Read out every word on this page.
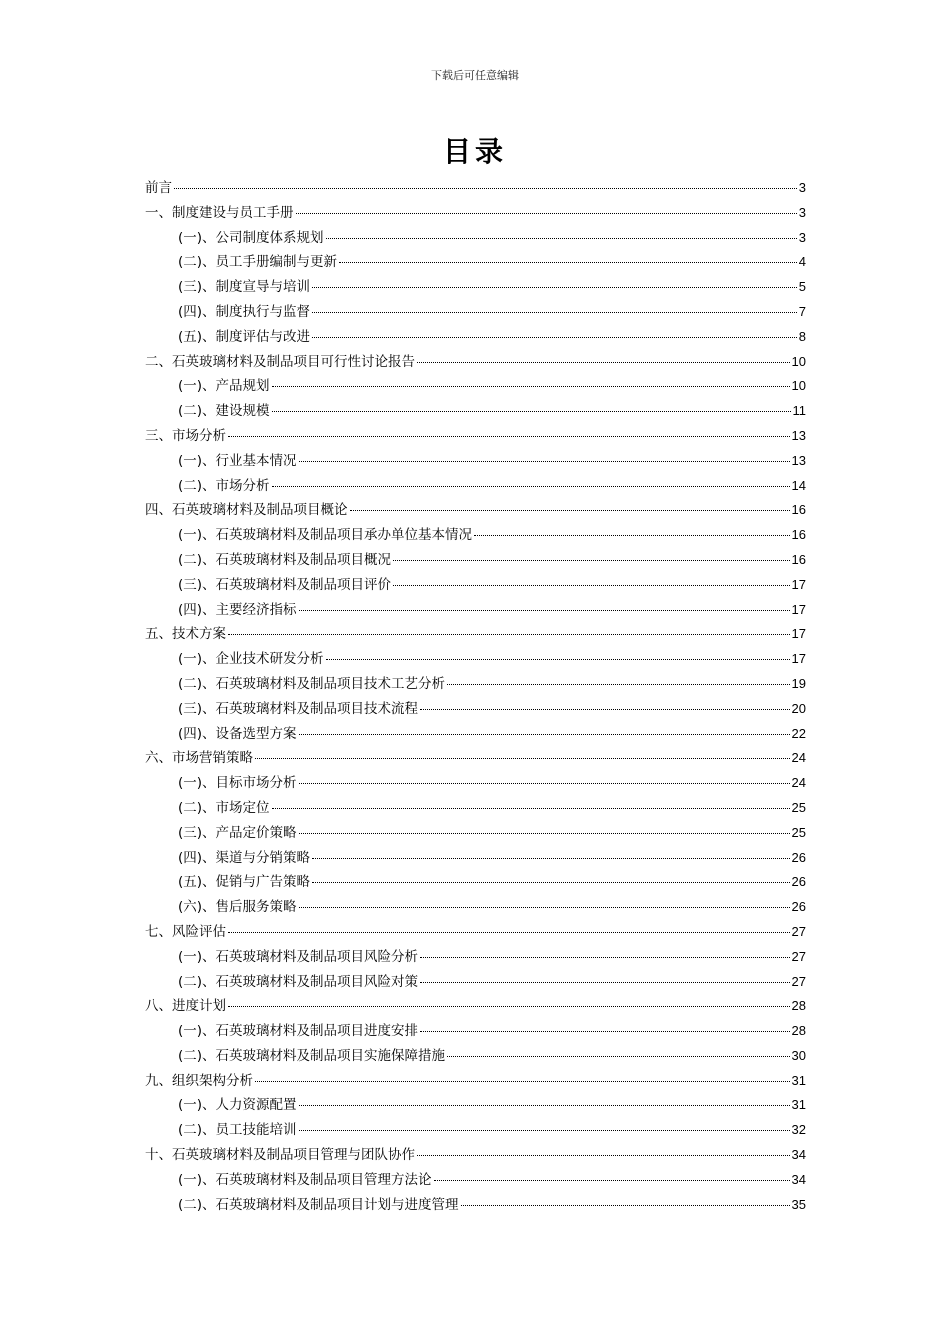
下载后可任意编辑
目录
前言	3
一、制度建设与员工手册	3
(一)、公司制度体系规划	3
(二)、员工手册编制与更新	4
(三)、制度宣导与培训	5
(四)、制度执行与监督	7
(五)、制度评估与改进	8
二、石英玻璃材料及制品项目可行性讨论报告	10
(一)、产品规划	10
(二)、建设规模	11
三、市场分析	13
(一)、行业基本情况	13
(二)、市场分析	14
四、石英玻璃材料及制品项目概论	16
(一)、石英玻璃材料及制品项目承办单位基本情况	16
(二)、石英玻璃材料及制品项目概况	16
(三)、石英玻璃材料及制品项目评价	17
(四)、主要经济指标	17
五、技术方案	17
(一)、企业技术研发分析	17
(二)、石英玻璃材料及制品项目技术工艺分析	19
(三)、石英玻璃材料及制品项目技术流程	20
(四)、设备选型方案	22
六、市场营销策略	24
(一)、目标市场分析	24
(二)、市场定位	25
(三)、产品定价策略	25
(四)、渠道与分销策略	26
(五)、促销与广告策略	26
(六)、售后服务策略	26
七、风险评估	27
(一)、石英玻璃材料及制品项目风险分析	27
(二)、石英玻璃材料及制品项目风险对策	27
八、进度计划	28
(一)、石英玻璃材料及制品项目进度安排	28
(二)、石英玻璃材料及制品项目实施保障措施	30
九、组织架构分析	31
(一)、人力资源配置	31
(二)、员工技能培训	32
十、石英玻璃材料及制品项目管理与团队协作	34
(一)、石英玻璃材料及制品项目管理方法论	34
(二)、石英玻璃材料及制品项目计划与进度管理	35
